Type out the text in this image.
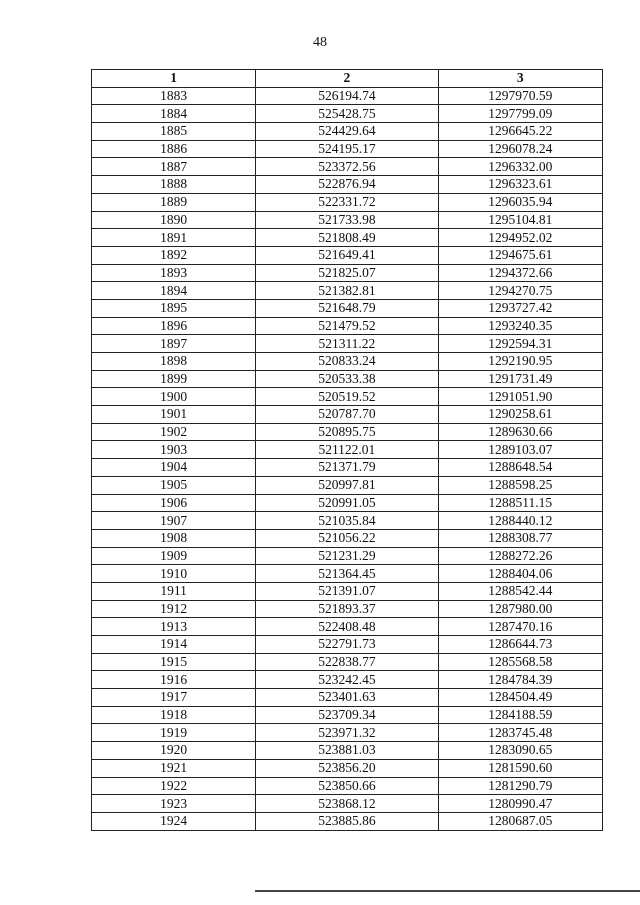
48
1	2	3
1883	526194.74	1297970.59
1884	525428.75	1297799.09
1885	524429.64	1296645.22
1886	524195.17	1296078.24
1887	523372.56	1296332.00
1888	522876.94	1296323.61
1889	522331.72	1296035.94
1890	521733.98	1295104.81
1891	521808.49	1294952.02
1892	521649.41	1294675.61
1893	521825.07	1294372.66
1894	521382.81	1294270.75
1895	521648.79	1293727.42
1896	521479.52	1293240.35
1897	521311.22	1292594.31
1898	520833.24	1292190.95
1899	520533.38	1291731.49
1900	520519.52	1291051.90
1901	520787.70	1290258.61
1902	520895.75	1289630.66
1903	521122.01	1289103.07
1904	521371.79	1288648.54
1905	520997.81	1288598.25
1906	520991.05	1288511.15
1907	521035.84	1288440.12
1908	521056.22	1288308.77
1909	521231.29	1288272.26
1910	521364.45	1288404.06
1911	521391.07	1288542.44
1912	521893.37	1287980.00
1913	522408.48	1287470.16
1914	522791.73	1286644.73
1915	522838.77	1285568.58
1916	523242.45	1284784.39
1917	523401.63	1284504.49
1918	523709.34	1284188.59
1919	523971.32	1283745.48
1920	523881.03	1283090.65
1921	523856.20	1281590.60
1922	523850.66	1281290.79
1923	523868.12	1280990.47
1924	523885.86	1280687.05
